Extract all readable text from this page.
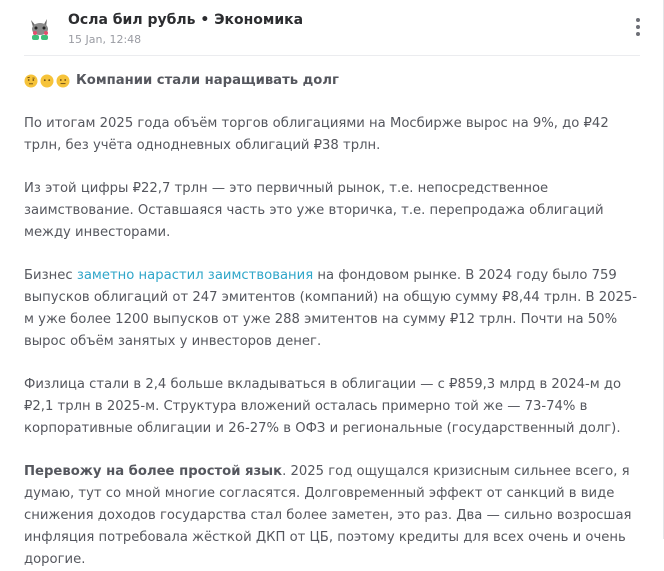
Осла бил рубль • Экономика
15 Jan, 12:48
Компании стали наращивать долг

По итогам 2025 года объём торгов облигациями на Мосбирже вырос на 9%, до ₽42 трлн, без учёта однодневных облигаций ₽38 трлн.

Из этой цифры ₽22,7 трлн — это первичный рынок, т.е. непосредственное заимствование. Оставшаяся часть это уже вторичка, т.е. перепродажа облигаций между инвесторами.

Бизнес заметно нарастил заимствования на фондовом рынке. В 2024 году было 759 выпусков облигаций от 247 эмитентов (компаний) на общую сумму ₽8,44 трлн. В 2025-м уже более 1200 выпусков от уже 288 эмитентов на сумму ₽12 трлн. Почти на 50% вырос объём занятых у инвесторов денег.

Физлица стали в 2,4 больше вкладываться в облигации — с ₽859,3 млрд в 2024-м до ₽2,1 трлн в 2025-м. Структура вложений осталась примерно той же — 73-74% в корпоративные облигации и 26-27% в ОФЗ и региональные (государственный долг).

Перевожу на более простой язык. 2025 год ощущался кризисным сильнее всего, я думаю, тут со мной многие согласятся. Долговременный эффект от санкций в виде снижения доходов государства стал более заметен, это раз. Два — сильно возросшая инфляция потребовала жёсткой ДКП от ЦБ, поэтому кредиты для всех очень и очень дорогие.
